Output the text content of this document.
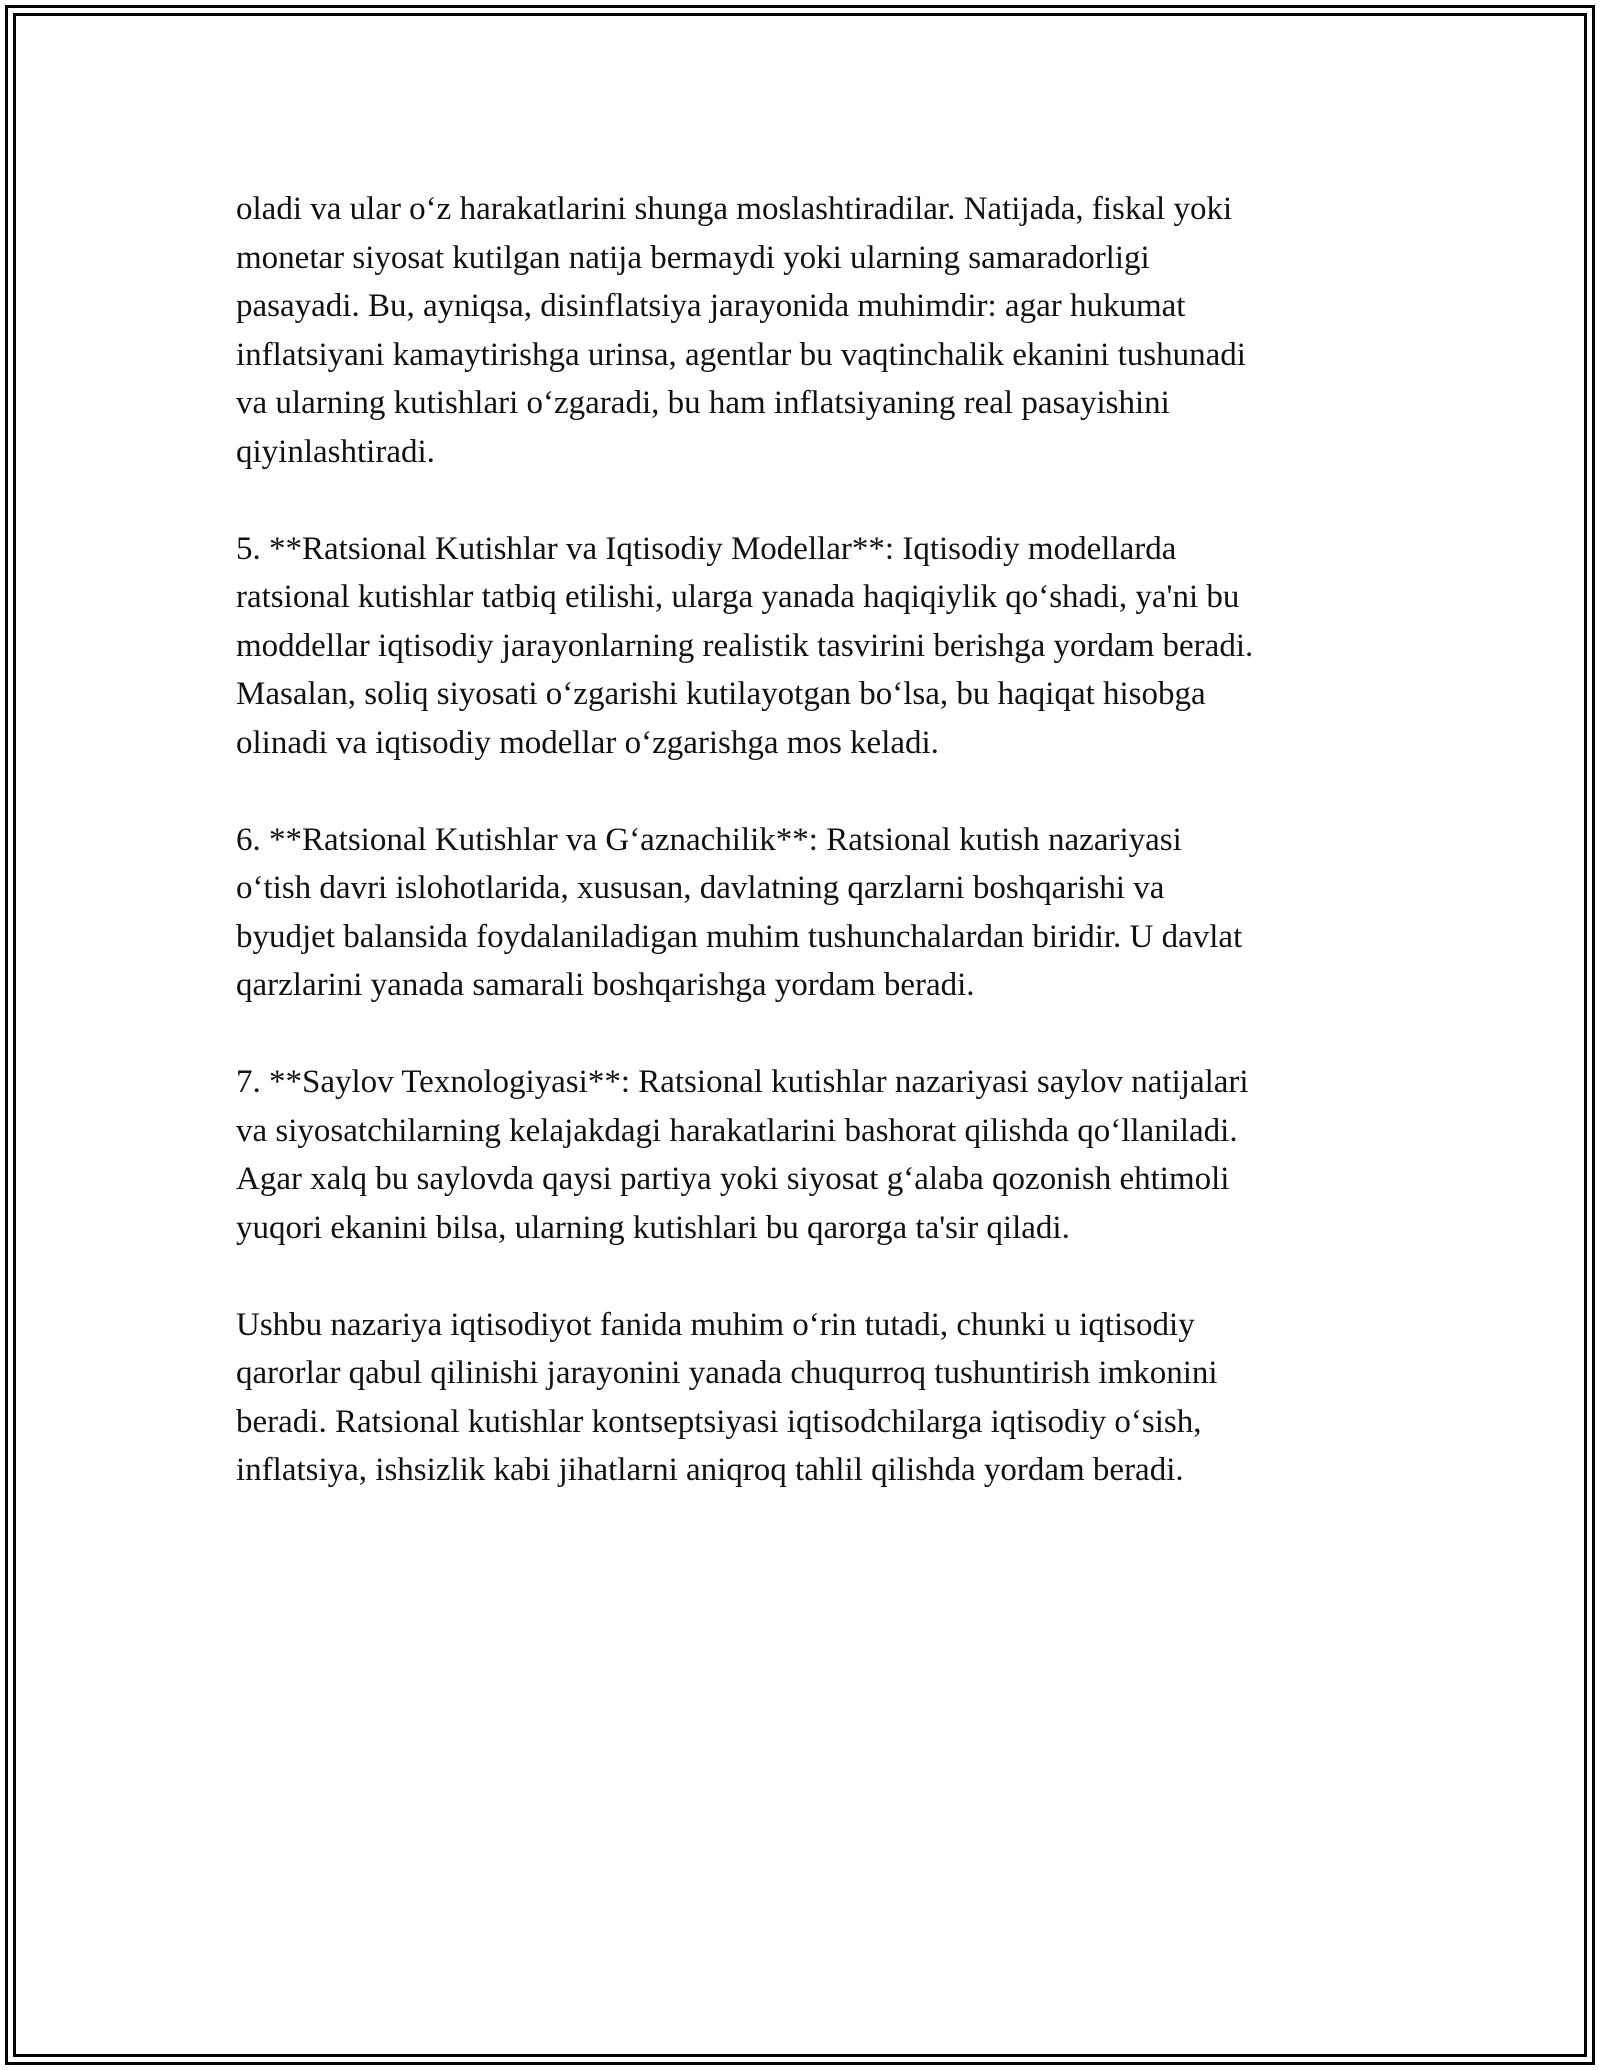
oladi va ular o‘z harakatlarini shunga moslashtiradilar. Natijada, fiskal yoki
monetar siyosat kutilgan natija bermaydi yoki ularning samaradorligi
pasayadi. Bu, ayniqsa, disinflatsiya jarayonida muhimdir: agar hukumat
inflatsiyani kamaytirishga urinsa, agentlar bu vaqtinchalik ekanini tushunadi
va ularning kutishlari o‘zgaradi, bu ham inflatsiyaning real pasayishini
qiyinlashtiradi.

5. **Ratsional Kutishlar va Iqtisodiy Modellar**: Iqtisodiy modellarda
ratsional kutishlar tatbiq etilishi, ularga yanada haqiqiylik qo‘shadi, ya'ni bu
moddellar iqtisodiy jarayonlarning realistik tasvirini berishga yordam beradi.
Masalan, soliq siyosati o‘zgarishi kutilayotgan bo‘lsa, bu haqiqat hisobga
olinadi va iqtisodiy modellar o‘zgarishga mos keladi.

6. **Ratsional Kutishlar va G‘aznachilik**: Ratsional kutish nazariyasi
o‘tish davri islohotlarida, xususan, davlatning qarzlarni boshqarishi va
byudjet balansida foydalaniladigan muhim tushunchalardan biridir. U davlat
qarzlarini yanada samarali boshqarishga yordam beradi.

7. **Saylov Texnologiyasi**: Ratsional kutishlar nazariyasi saylov natijalari
va siyosatchilarning kelajakdagi harakatlarini bashorat qilishda qo‘llaniladi.
Agar xalq bu saylovda qaysi partiya yoki siyosat g‘alaba qozonish ehtimoli
yuqori ekanini bilsa, ularning kutishlari bu qarorga ta'sir qiladi.

Ushbu nazariya iqtisodiyot fanida muhim o‘rin tutadi, chunki u iqtisodiy
qarorlar qabul qilinishi jarayonini yanada chuqurroq tushuntirish imkonini
beradi. Ratsional kutishlar kontseptsiyasi iqtisodchilarga iqtisodiy o‘sish,
inflatsiya, ishsizlik kabi jihatlarni aniqroq tahlil qilishda yordam beradi.
